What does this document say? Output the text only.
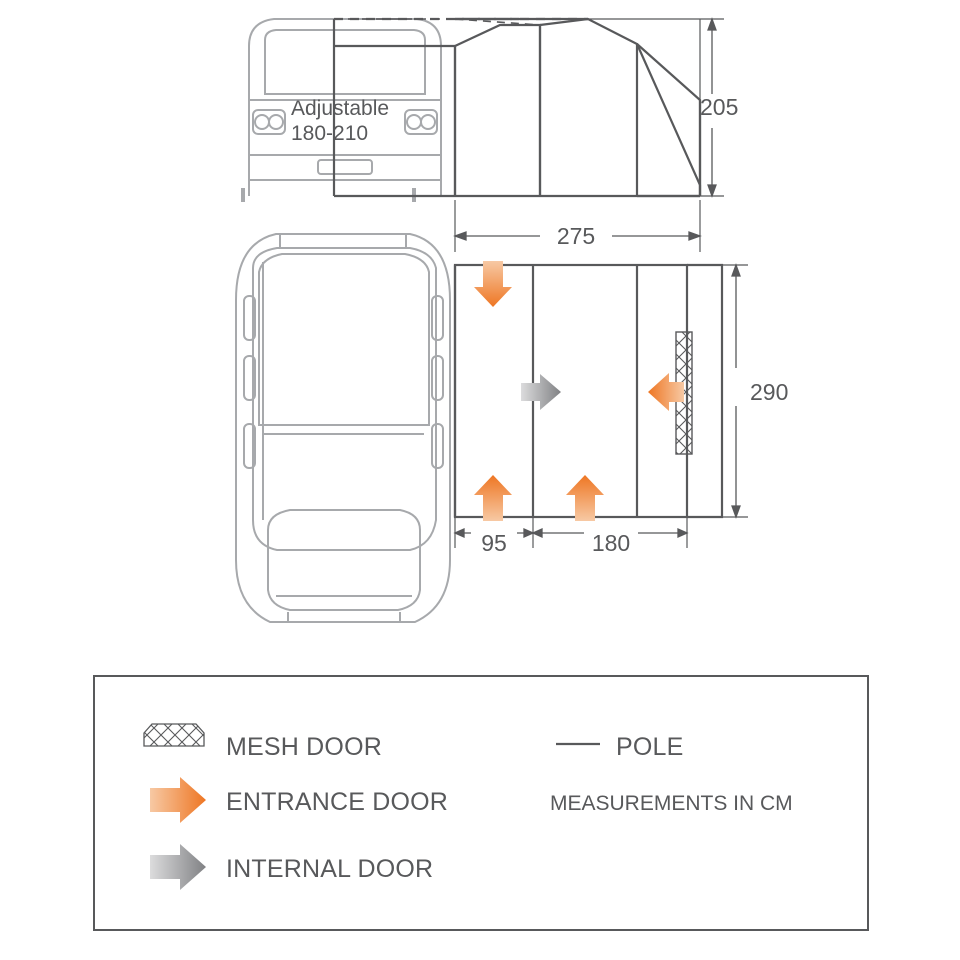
205
Adjustable
180-210
275
290
95	180
MESH DOOR
ENTRANCE DOOR
INTERNAL DOOR
POLE
MEASUREMENTS IN CM
